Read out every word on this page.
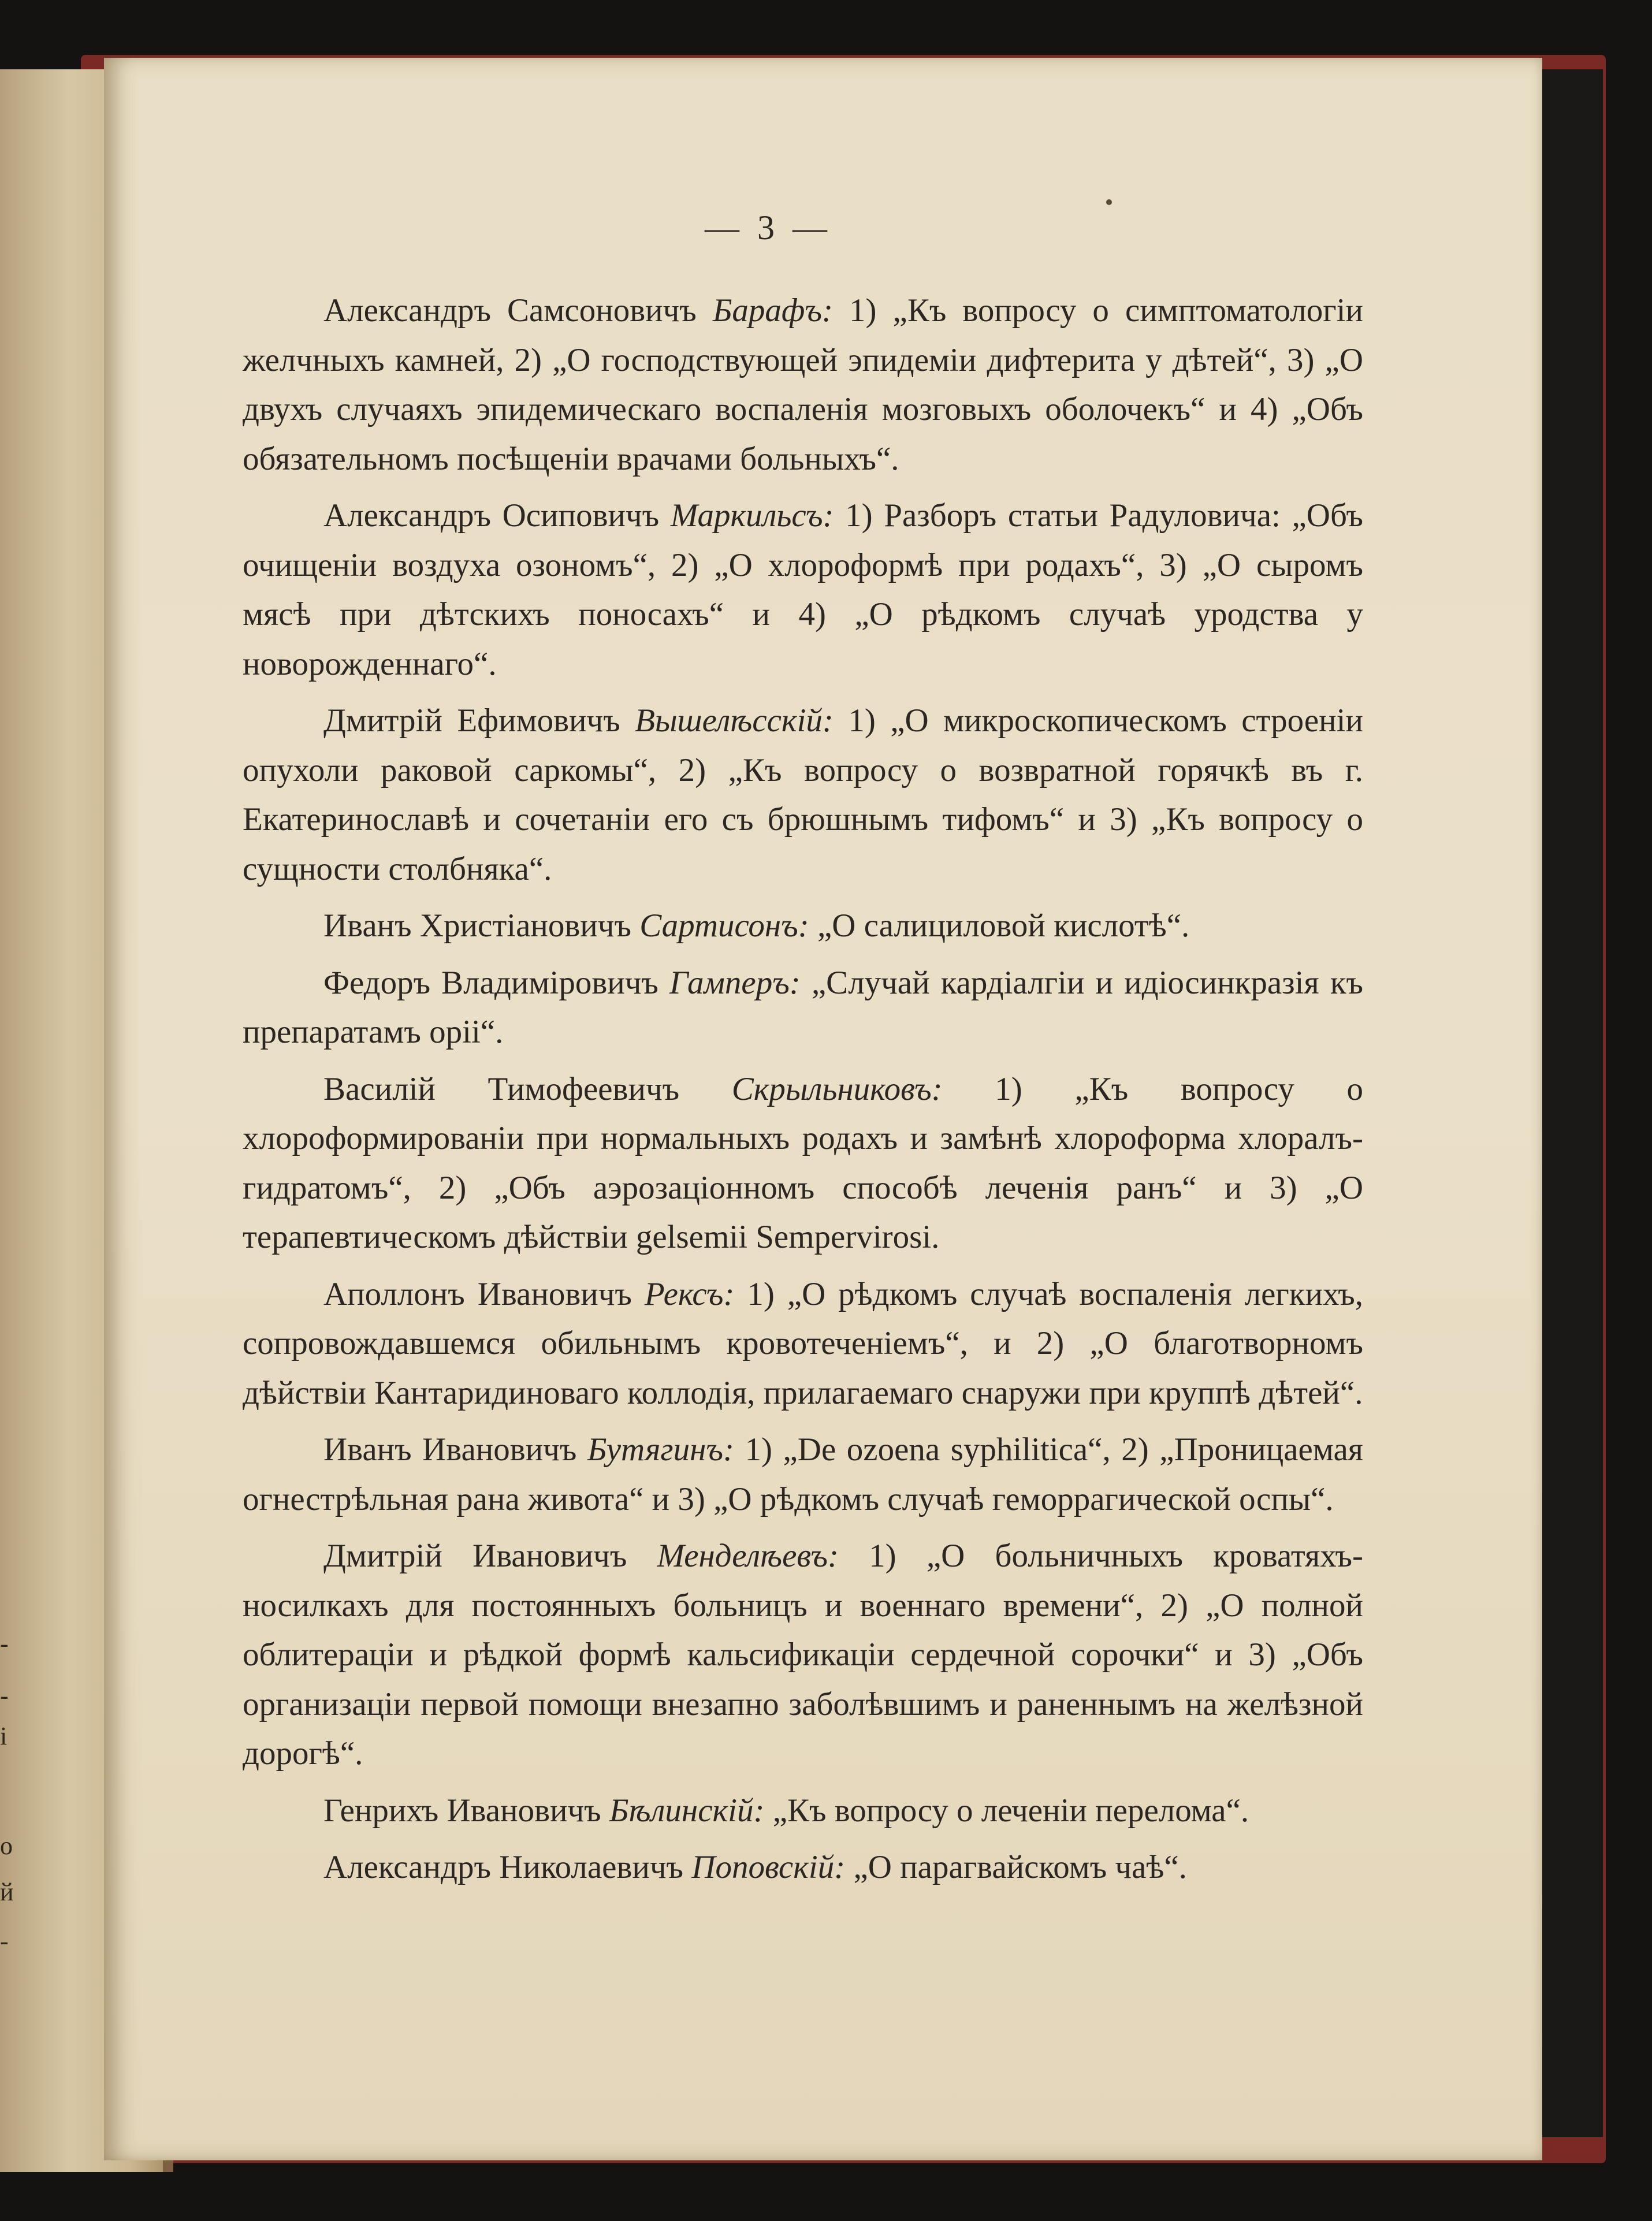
-
-
і
о
й
-
— 3 —

Александръ Самсоновичъ Барафъ: 1) „Къ вопросу о симптоматологіи желчныхъ камней, 2) „О господствующей эпидеміи дифтерита у дѣтей“, 3) „О двухъ случаяхъ эпидемическаго воспаленія мозговыхъ оболочекъ“ и 4) „Объ обязательномъ посѣщеніи врачами больныхъ“.

Александръ Осиповичъ Маркильсъ: 1) Разборъ статьи Радуловича: „Объ очищеніи воздуха озономъ“, 2) „О хлороформѣ при родахъ“, 3) „О сыромъ мясѣ при дѣтскихъ поносахъ“ и 4) „О рѣдкомъ случаѣ уродства у новорожденнаго“.

Дмитрій Ефимовичъ Вышелѣсскій: 1) „О микроскопическомъ строеніи опухоли раковой саркомы“, 2) „Къ вопросу о возвратной горячкѣ въ г. Екатеринославѣ и сочетаніи его съ брюшнымъ тифомъ“ и 3) „Къ вопросу о сущности столбняка“.

Иванъ Христіановичъ Сартисонъ: „О салициловой кислотѣ“.

Федоръ Владиміровичъ Гамперъ: „Случай кардіалгіи и идіосинкразія къ препаратамъ opii“.

Василій Тимофеевичъ Скрыльниковъ: 1) „Къ вопросу о хлороформированіи при нормальныхъ родахъ и замѣнѣ хлороформа хлоралъ-гидратомъ“, 2) „Объ аэрозаціонномъ способѣ леченія ранъ“ и 3) „О терапевтическомъ дѣйствіи gelsemii Sempervirosi.

Аполлонъ Ивановичъ Рексъ: 1) „О рѣдкомъ случаѣ воспаленія легкихъ, сопровождавшемся обильнымъ кровотеченіемъ“, и 2) „О благотворномъ дѣйствіи Кантаридиноваго коллодія, прилагаемаго снаружи при круппѣ дѣтей“.

Иванъ Ивановичъ Бутягинъ: 1) „De ozoena syphilitica“, 2) „Проницаемая огнестрѣльная рана живота“ и 3) „О рѣдкомъ случаѣ геморрагической оспы“.

Дмитрій Ивановичъ Менделѣевъ: 1) „О больничныхъ кроватяхъ-носилкахъ для постоянныхъ больницъ и военнаго времени“, 2) „О полной облитераціи и рѣдкой формѣ кальсификаціи сердечной сорочки“ и 3) „Объ организаціи первой помощи внезапно заболѣвшимъ и раненнымъ на желѣзной дорогѣ“.

Генрихъ Ивановичъ Бѣлинскій: „Къ вопросу о леченіи перелома“.

Александръ Николаевичъ Поповскій: „О парагвайскомъ чаѣ“.
